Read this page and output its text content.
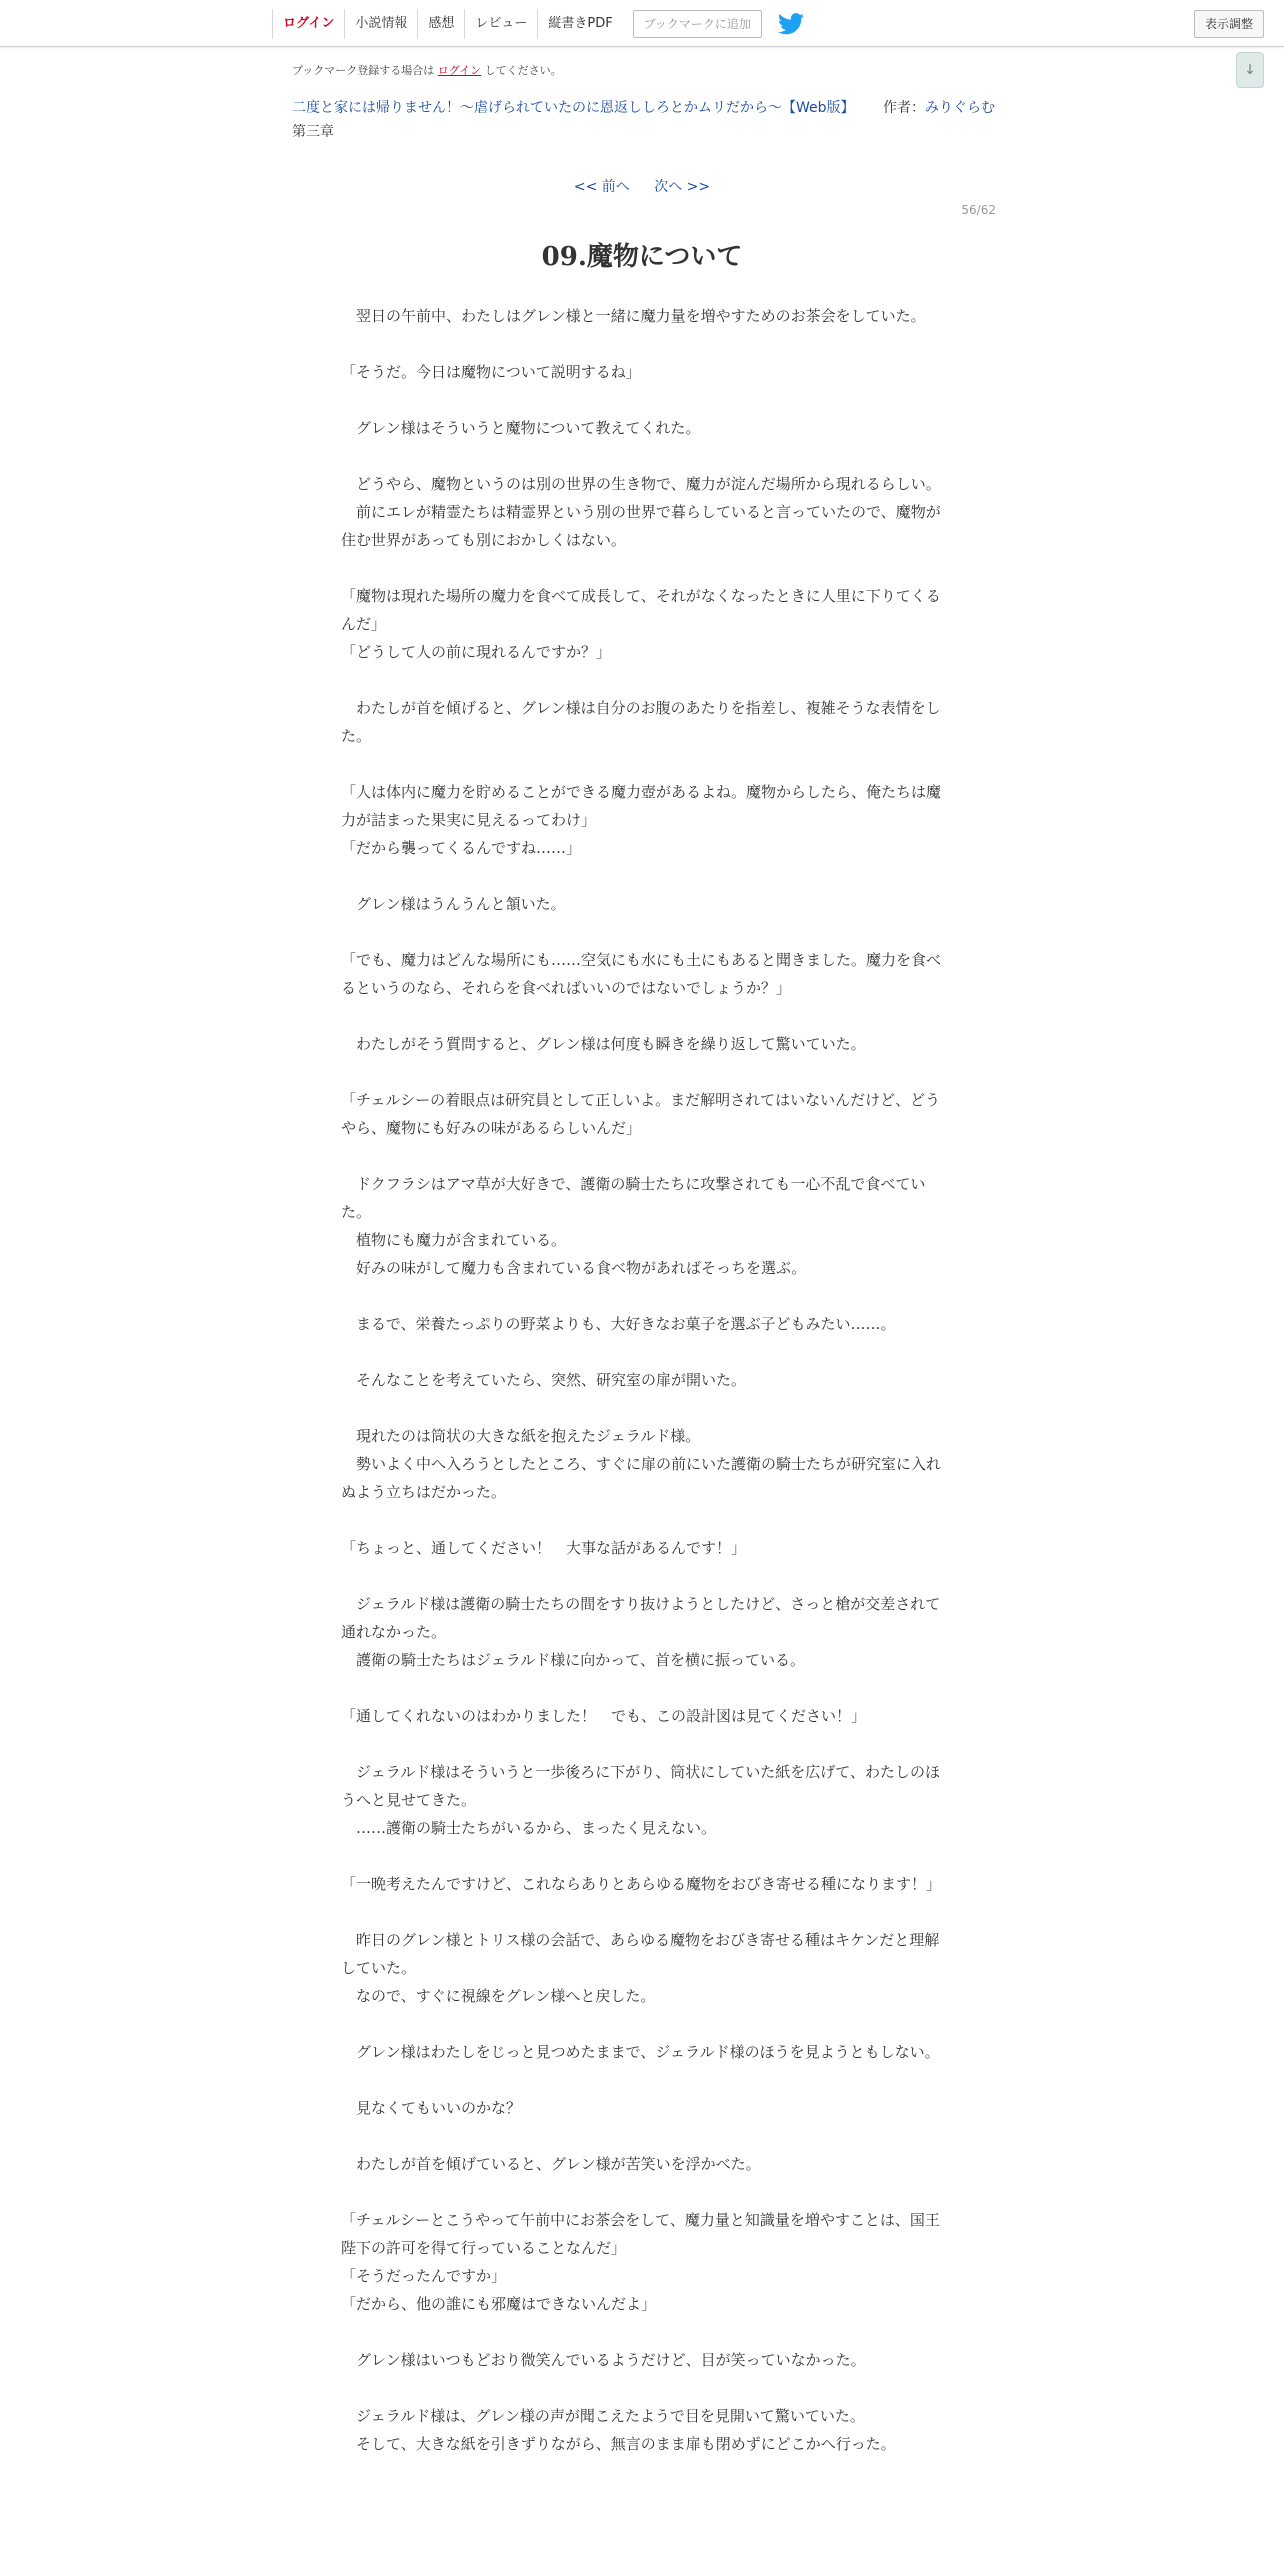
ログイン	小説情報	感想	レビュー	縦書きPDF	ブックマークに追加	表示調整
↓
ブックマーク登録する場合は ログイン してください。
二度と家には帰りません！～虐げられていたのに恩返ししろとかムリだから～【Web版】 作者：みりぐらむ
第三章
<< 前へ 次へ >>
56/62
09.魔物について

　翌日の午前中、わたしはグレン様と一緒に魔力量を増やすためのお茶会をしていた。

「そうだ。今日は魔物について説明するね」

　グレン様はそういうと魔物について教えてくれた。

　どうやら、魔物というのは別の世界の生き物で、魔力が淀んだ場所から現れるらしい。

　前にエレが精霊たちは精霊界という別の世界で暮らしていると言っていたので、魔物が住む世界があっても別におかしくはない。

「魔物は現れた場所の魔力を食べて成長して、それがなくなったときに人里に下りてくるんだ」

「どうして人の前に現れるんですか？」

　わたしが首を傾げると、グレン様は自分のお腹のあたりを指差し、複雑そうな表情をした。

「人は体内に魔力を貯めることができる魔力壺があるよね。魔物からしたら、俺たちは魔力が詰まった果実に見えるってわけ」

「だから襲ってくるんですね……」

　グレン様はうんうんと頷いた。

「でも、魔力はどんな場所にも……空気にも水にも土にもあると聞きました。魔力を食べるというのなら、それらを食べればいいのではないでしょうか？」

　わたしがそう質問すると、グレン様は何度も瞬きを繰り返して驚いていた。

「チェルシーの着眼点は研究員として正しいよ。まだ解明されてはいないんだけど、どうやら、魔物にも好みの味があるらしいんだ」

　ドクフラシはアマ草が大好きで、護衛の騎士たちに攻撃されても一心不乱で食べていた。

　植物にも魔力が含まれている。

　好みの味がして魔力も含まれている食べ物があればそっちを選ぶ。

　まるで、栄養たっぷりの野菜よりも、大好きなお菓子を選ぶ子どもみたい……。

　そんなことを考えていたら、突然、研究室の扉が開いた。

　現れたのは筒状の大きな紙を抱えたジェラルド様。

　勢いよく中へ入ろうとしたところ、すぐに扉の前にいた護衛の騎士たちが研究室に入れぬよう立ちはだかった。

「ちょっと、通してください！　大事な話があるんです！」

　ジェラルド様は護衛の騎士たちの間をすり抜けようとしたけど、さっと槍が交差されて通れなかった。

　護衛の騎士たちはジェラルド様に向かって、首を横に振っている。

「通してくれないのはわかりました！　でも、この設計図は見てください！」

　ジェラルド様はそういうと一歩後ろに下がり、筒状にしていた紙を広げて、わたしのほうへと見せてきた。

　……護衛の騎士たちがいるから、まったく見えない。

「一晩考えたんですけど、これならありとあらゆる魔物をおびき寄せる種になります！」

　昨日のグレン様とトリス様の会話で、あらゆる魔物をおびき寄せる種はキケンだと理解していた。

　なので、すぐに視線をグレン様へと戻した。

　グレン様はわたしをじっと見つめたままで、ジェラルド様のほうを見ようともしない。

　見なくてもいいのかな？

　わたしが首を傾げていると、グレン様が苦笑いを浮かべた。

「チェルシーとこうやって午前中にお茶会をして、魔力量と知識量を増やすことは、国王陛下の許可を得て行っていることなんだ」

「そうだったんですか」

「だから、他の誰にも邪魔はできないんだよ」

　グレン様はいつもどおり微笑んでいるようだけど、目が笑っていなかった。

　ジェラルド様は、グレン様の声が聞こえたようで目を見開いて驚いていた。

　そして、大きな紙を引きずりながら、無言のまま扉も閉めずにどこかへ行った。
